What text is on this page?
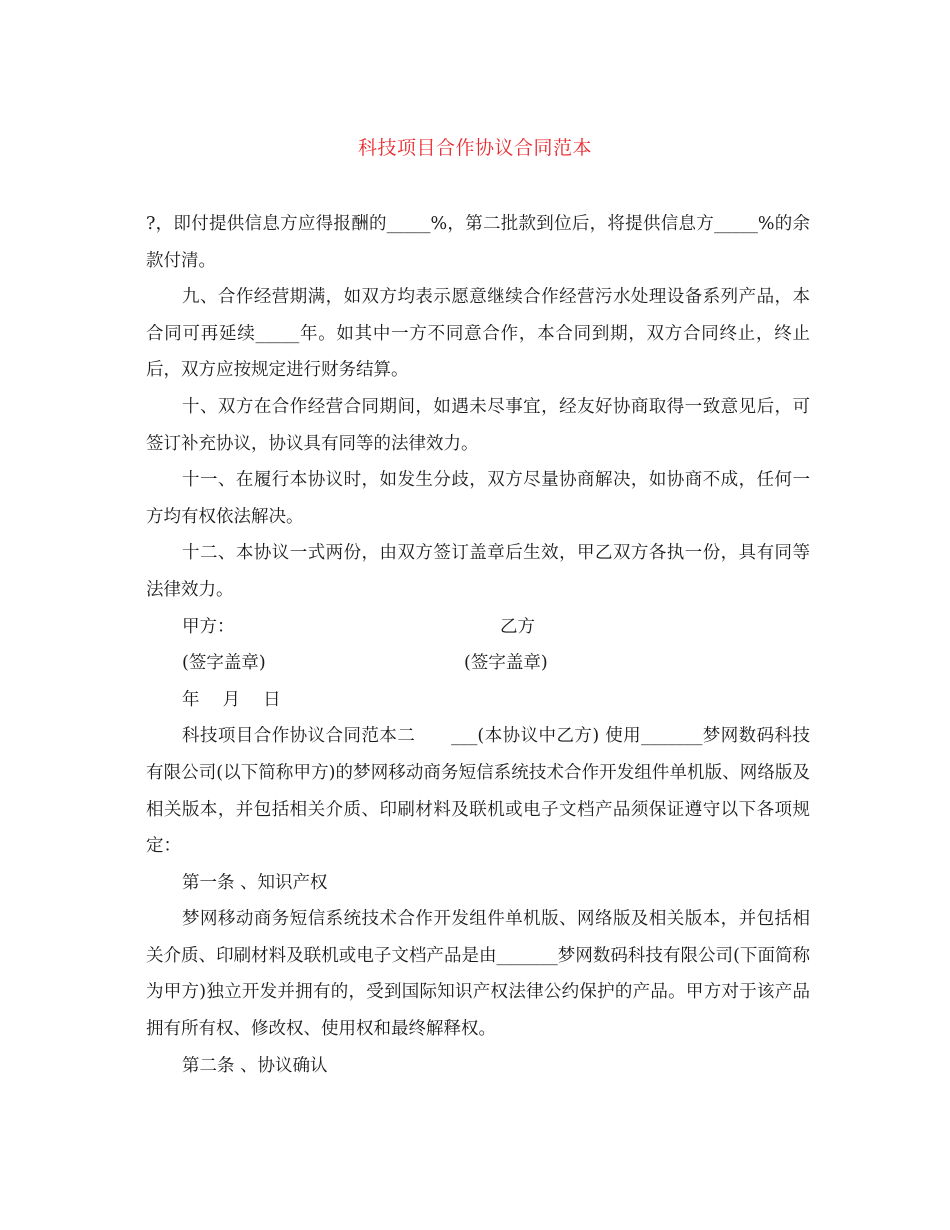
科技项目合作协议合同范本

?，即付提供信息方应得报酬的_____%，第二批款到位后，将提供信息方_____%的余款付清。

九、合作经营期满，如双方均表示愿意继续合作经营污水处理设备系列产品，本合同可再延续_____年。如其中一方不同意合作，本合同到期，双方合同终止，终止后，双方应按规定进行财务结算。

十、双方在合作经营合同期间，如遇未尽事宜，经友好协商取得一致意见后，可签订补充协议，协议具有同等的法律效力。

十一、在履行本协议时，如发生分歧，双方尽量协商解决，如协商不成，任何一方均有权依法解决。

十二、本协议一式两份，由双方签订盖章后生效，甲乙双方各执一份，具有同等法律效力。

甲方：	乙方
(签字盖章)	(签字盖章)
年　 月　 日

科技项目合作协议合同范本二　　___(本协议中乙方) 使用_______梦网数码科技有限公司(以下简称甲方)的梦网移动商务短信系统技术合作开发组件单机版、网络版及相关版本，并包括相关介质、印刷材料及联机或电子文档产品须保证遵守以下各项规定：

第一条 、知识产权

梦网移动商务短信系统技术合作开发组件单机版、网络版及相关版本，并包括相关介质、印刷材料及联机或电子文档产品是由_______梦网数码科技有限公司(下面简称为甲方)独立开发并拥有的，受到国际知识产权法律公约保护的产品。甲方对于该产品拥有所有权、修改权、使用权和最终解释权。

第二条 、协议确认
